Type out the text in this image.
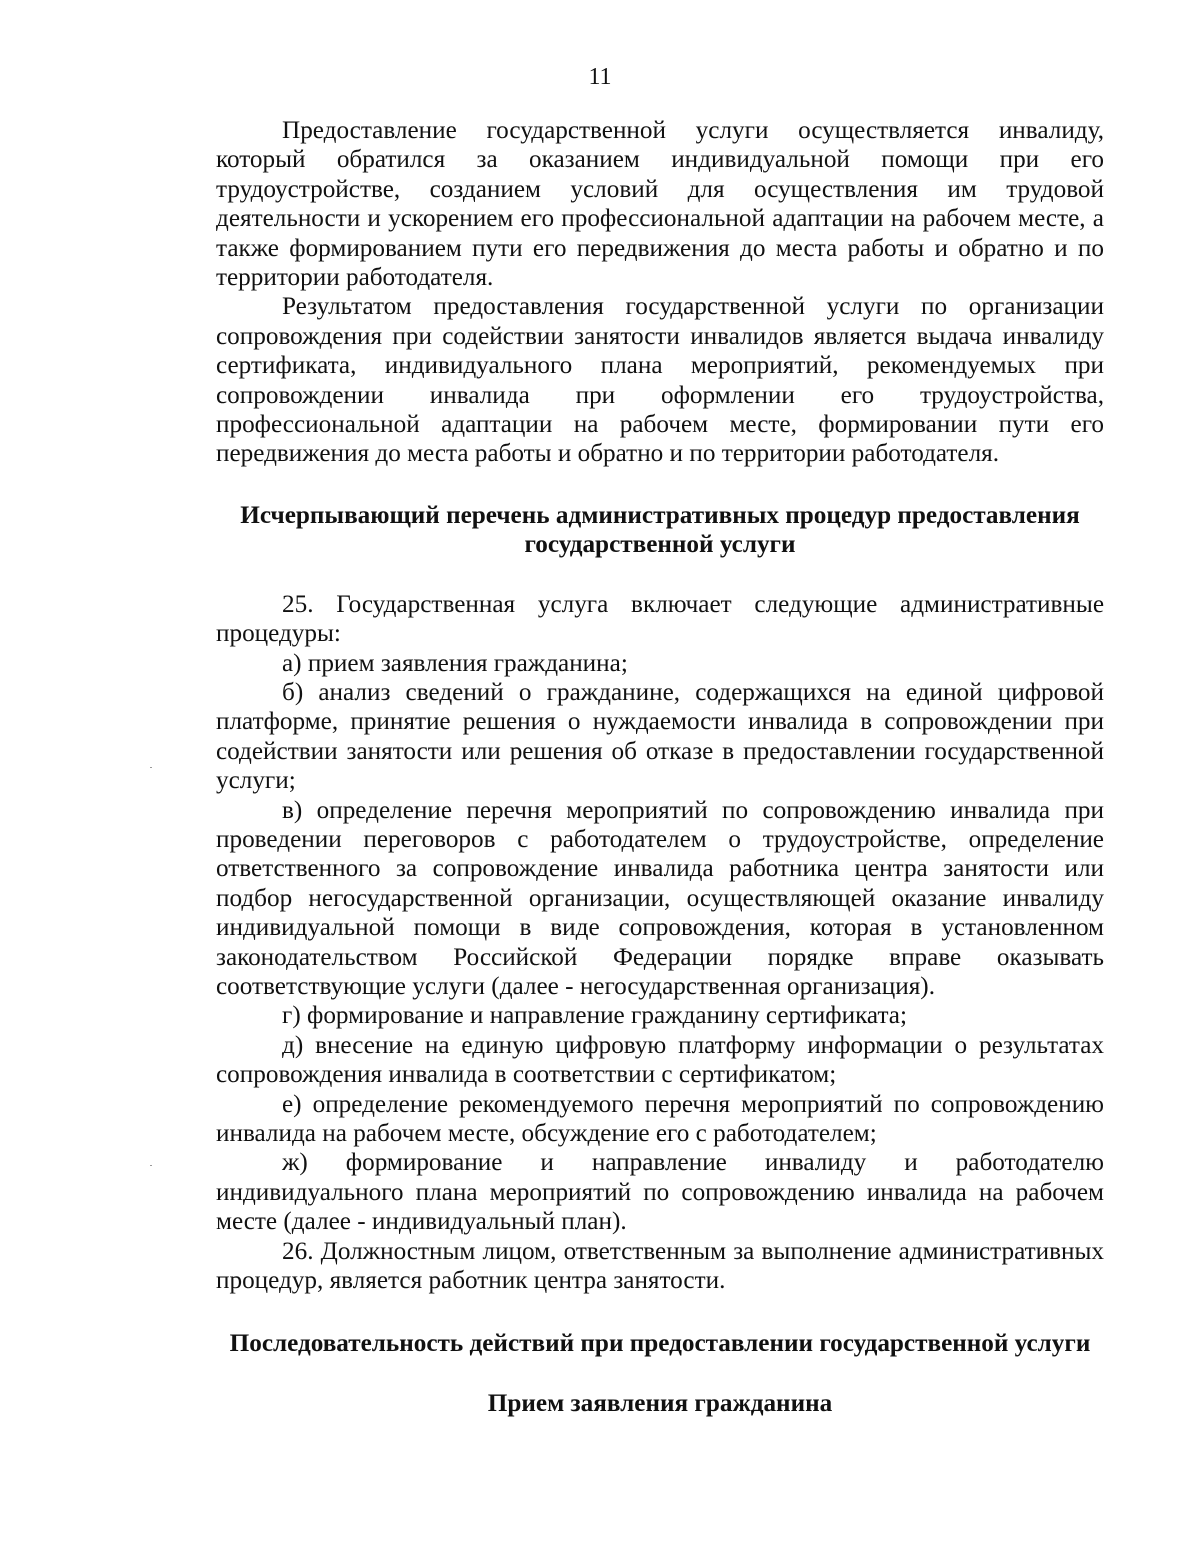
11

Предоставление государственной услуги осуществляется инвалиду, который обратился за оказанием индивидуальной помощи при его трудоустройстве, созданием условий для осуществления им трудовой деятельности и ускорением его профессиональной адаптации на рабочем месте, а также формированием пути его передвижения до места работы и обратно и по территории работодателя.

Результатом предоставления государственной услуги по организации сопровождения при содействии занятости инвалидов является выдача инвалиду сертификата, индивидуального плана мероприятий, рекомендуемых при сопровождении инвалида при оформлении его трудоустройства, профессиональной адаптации на рабочем месте, формировании пути его передвижения до места работы и обратно и по территории работодателя.

Исчерпывающий перечень административных процедур предоставления
государственной услуги

25. Государственная услуга включает следующие административные процедуры:

а) прием заявления гражданина;

б) анализ сведений о гражданине, содержащихся на единой цифровой платформе, принятие решения о нуждаемости инвалида в сопровождении при содействии занятости или решения об отказе в предоставлении государственной услуги;

в) определение перечня мероприятий по сопровождению инвалида при проведении переговоров с работодателем о трудоустройстве, определение ответственного за сопровождение инвалида работника центра занятости или подбор негосударственной организации, осуществляющей оказание инвалиду индивидуальной помощи в виде сопровождения, которая в установленном законодательством Российской Федерации порядке вправе оказывать соответствующие услуги (далее - негосударственная организация).

г) формирование и направление гражданину сертификата;

д) внесение на единую цифровую платформу информации о результатах сопровождения инвалида в соответствии с сертификатом;

е) определение рекомендуемого перечня мероприятий по сопровождению инвалида на рабочем месте, обсуждение его с работодателем;

ж) формирование и направление инвалиду и работодателю индивидуального плана мероприятий по сопровождению инвалида на рабочем месте (далее - индивидуальный план).

26. Должностным лицом, ответственным за выполнение административных процедур, является работник центра занятости.

Последовательность действий при предоставлении государственной услуги
Прием заявления гражданина
